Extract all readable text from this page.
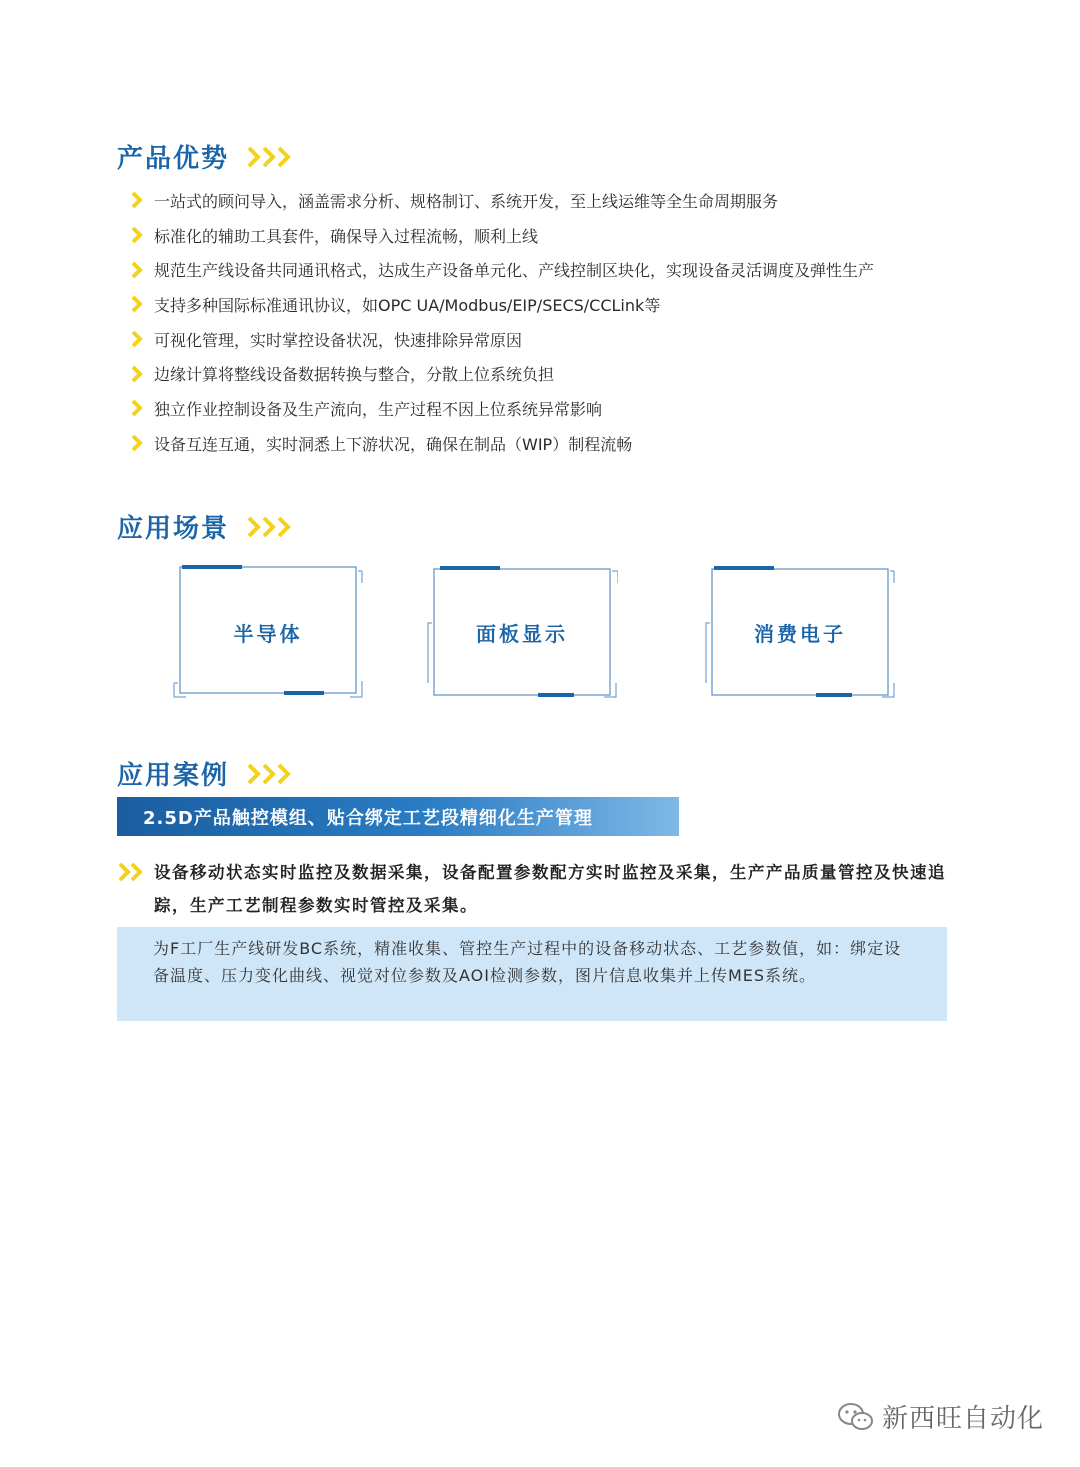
产品优势
一站式的顾问导入，涵盖需求分析、规格制订、系统开发，至上线运维等全生命周期服务
标准化的辅助工具套件，确保导入过程流畅，顺利上线
规范生产线设备共同通讯格式，达成生产设备单元化、产线控制区块化，实现设备灵活调度及弹性生产
支持多种国际标准通讯协议，如OPC UA/Modbus/EIP/SECS/CCLink等
可视化管理，实时掌控设备状况，快速排除异常原因
边缘计算将整线设备数据转换与整合，分散上位系统负担
独立作业控制设备及生产流向，生产过程不因上位系统异常影响
设备互连互通，实时洞悉上下游状况，确保在制品（WIP）制程流畅
应用场景
半导体	面板显示	消费电子
应用案例
2.5D产品触控模组、贴合绑定工艺段精细化生产管理
设备移动状态实时监控及数据采集，设备配置参数配方实时监控及采集，生产产品质量管控及快速追踪，生产工艺制程参数实时管控及采集。
为F工厂生产线研发BC系统，精准收集、管控生产过程中的设备移动状态、工艺参数值，如：绑定设备温度、压力变化曲线、视觉对位参数及AOI检测参数，图片信息收集并上传MES系统。
新西旺自动化
